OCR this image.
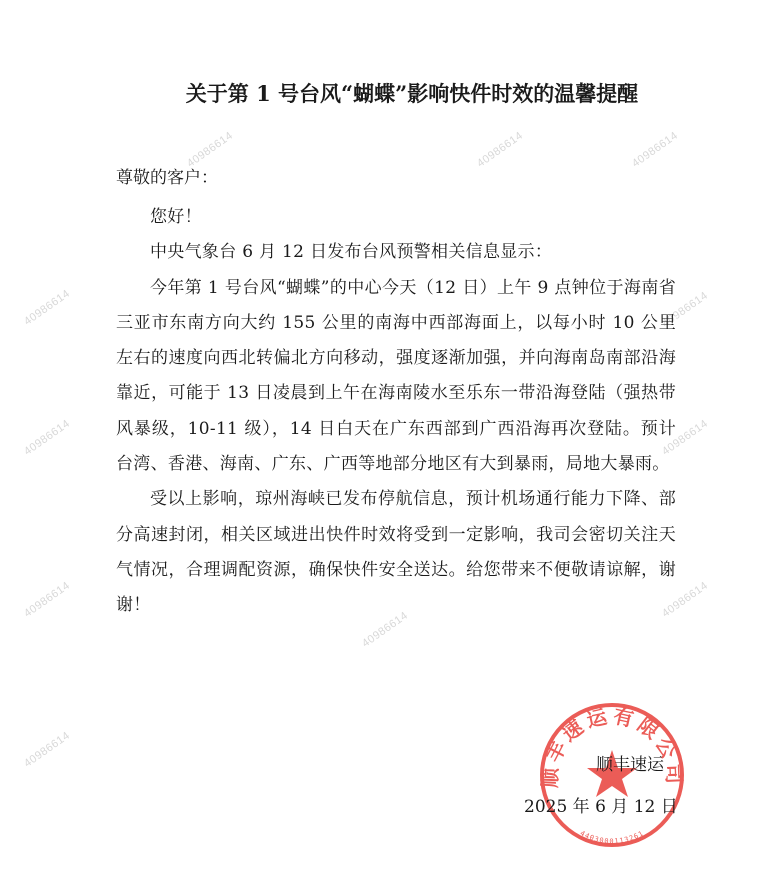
40986614	40986614	40986614
40986614
40986614
40986614
40986614
40986614
40986614
40986614
40986614
关于第 1 号台风“蝴蝶”影响快件时效的温馨提醒
尊敬的客户：

您好！

中央气象台 6 月 12 日发布台风预警相关信息显示：

今年第 1 号台风“蝴蝶”的中心今天（12 日）上午 9 点钟位于海南省三亚市东南方向大约 155 公里的南海中西部海面上，以每小时 10 公里左右的速度向西北转偏北方向移动，强度逐渐加强，并向海南岛南部沿海靠近，可能于 13 日凌晨到上午在海南陵水至乐东一带沿海登陆（强热带风暴级，10-11 级），14 日白天在广东西部到广西沿海再次登陆。预计台湾、香港、海南、广东、广西等地部分地区有大到暴雨，局地大暴雨。

受以上影响，琼州海峡已发布停航信息，预计机场通行能力下降、部分高速封闭，相关区域进出快件时效将受到一定影响，我司会密切关注天气情况，合理调配资源，确保快件安全送达。给您带来不便敬请谅解，谢谢！

顺丰速运有限公司
4403000113261
顺丰速运
2025 年 6 月 12 日
